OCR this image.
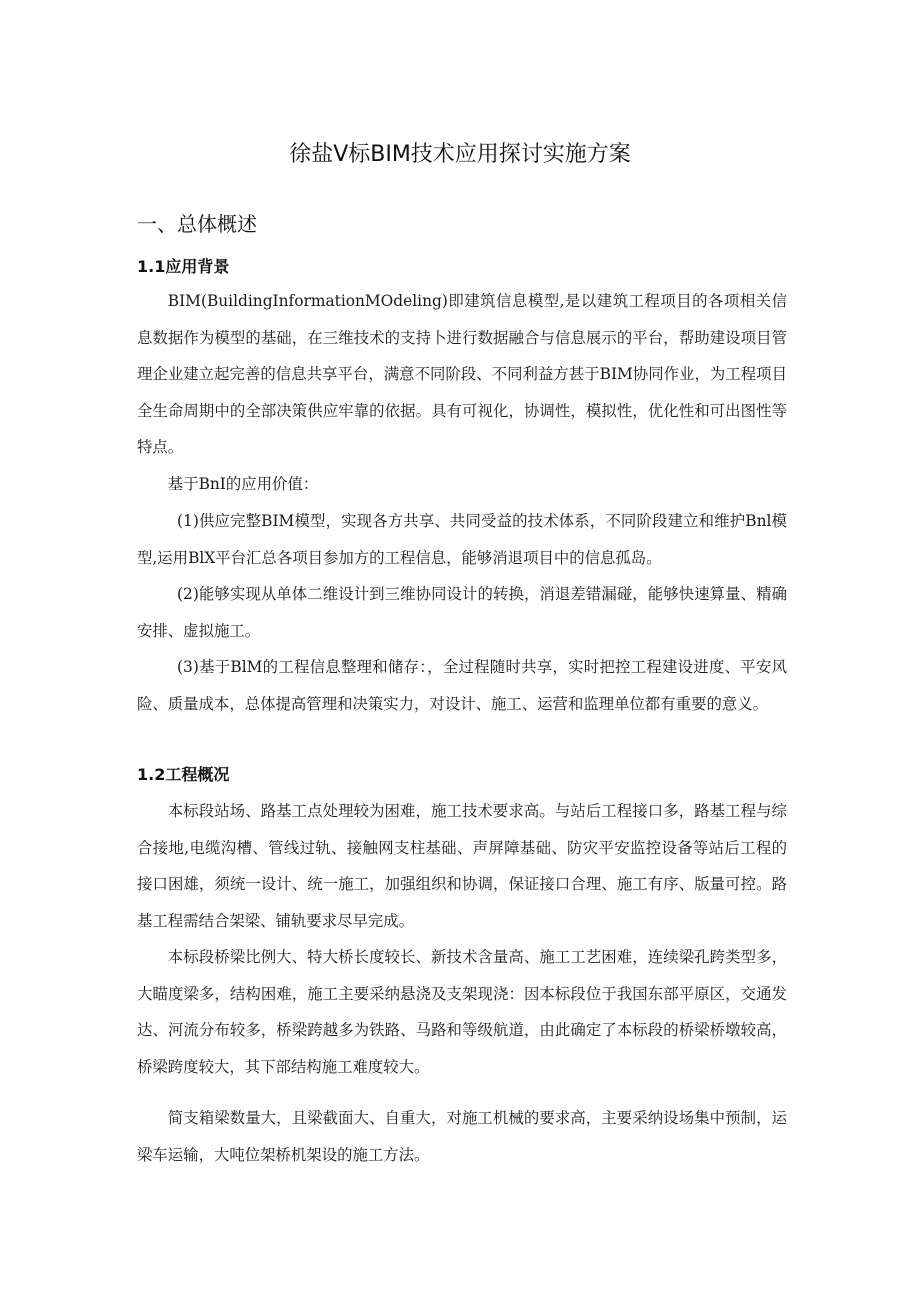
徐盐V标BIM技术应用探讨实施方案
一、总体概述
1.1应用背景

BIM(BuildingInformationMOdeling)即建筑信息模型,是以建筑工程项目的各项相关信息数据作为模型的基础，在三维技术的支持卜进行数据融合与信息展示的平台，帮助建设项目管理企业建立起完善的信息共享平台，满意不同阶段、不同利益方甚于BIM协同作业，为工程项目全生命周期中的全部决策供应牢靠的依据。具有可视化，协调性，模拟性，优化性和可出图性等特点。

基于BnI的应用价值：

(1)供应完整BIM模型，实现各方共享、共同受益的技术体系，不同阶段建立和维护Bnl模型,运用BlX平台汇总各项目参加方的工程信息，能够消退项目中的信息孤岛。

(2)能够实现从单体二维设计到三维协同设计的转换，消退差错漏碰，能够快速算量、精确安排、虚拟施工。

(3)基于BlM的工程信息整理和储存：，全过程随时共享，实时把控工程建设进度、平安风险、质量成本，总体提高管理和决策实力，对设计、施工、运营和监理单位都有重要的意义。

1.2工程概况

本标段站场、路基工点处理较为困难，施工技术要求高。与站后工程接口多，路基工程与综合接地,电缆沟槽、管线过轨、接触网支柱基础、声屏障基础、防灾平安监控设备等站后工程的接口困雄，须统一设计、统一施工，加强组织和协调，保证接口合理、施工有序、版量可控。路基工程需结合架梁、铺轨要求尽早完成。

本标段桥梁比例大、特大桥长度较长、新技术含量高、施工工艺困难，连续梁孔跨类型多，大瞄度梁多，结构困难，施工主要采纳悬浇及支架现浇：因本标段位于我国东部平原区，交通发达、河流分布较多，桥梁跨越多为铁路、马路和等级航道，由此确定了本标段的桥梁桥墩较高，桥梁跨度较大，其下部结构施工难度较大。

简支箱梁数量大，且梁截面大、自重大，对施工机械的要求高，主要采纳设场集中预制，运梁车运输，大吨位架桥机架设的施工方法。
